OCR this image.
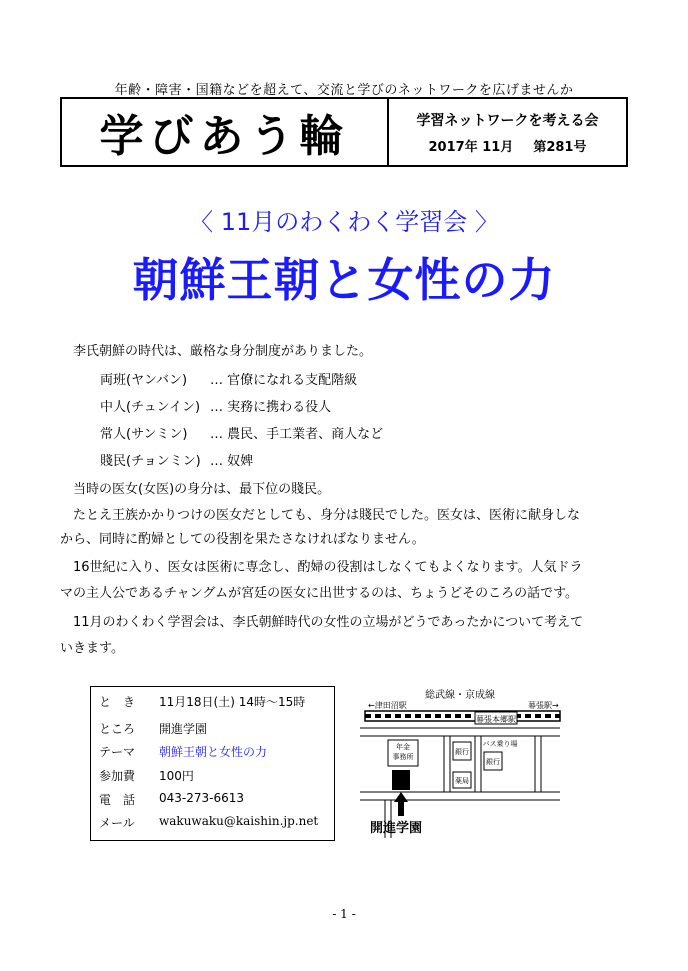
年齢・障害・国籍などを超えて、交流と学びのネットワークを広げませんか
学びあう輪	学習ネットワークを考える会
2017年 11月 第281号
〈 11月のわくわく学習会 〉
朝鮮王朝と女性の力
李氏朝鮮の時代は、厳格な身分制度がありました。
両班(ヤンバン)	… 官僚になれる支配階級
中人(チュンイン) … 実務に携わる役人
常人(サンミン)	… 農民、手工業者、商人など
賤民(チョンミン) … 奴婢
当時の医女(女医)の身分は、最下位の賤民。
たとえ王族かかりつけの医女だとしても、身分は賤民でした。医女は、医術に献身しな
から、同時に酌婦としての役割を果たさなければなりません。
16世紀に入り、医女は医術に専念し、酌婦の役割はしなくてもよくなります。人気ドラ
マの主人公であるチャングムが宮廷の医女に出世するのは、ちょうどそのころの話です。
11月のわくわく学習会は、李氏朝鮮時代の女性の立場がどうであったかについて考えて
いきます。
と　き	11月18日(土) 14時～15時
ところ	開進学園
テーマ	朝鮮王朝と女性の力
参加費	100円
電　話	043-273-6613
メール	wakuwaku@kaishin.jp.net
総武線・京成線
←津田沼駅	幕張駅→
幕張本郷駅
年金
事務所
銀行
バス乗り場
銀行
薬局
開進学園
- 1 -
